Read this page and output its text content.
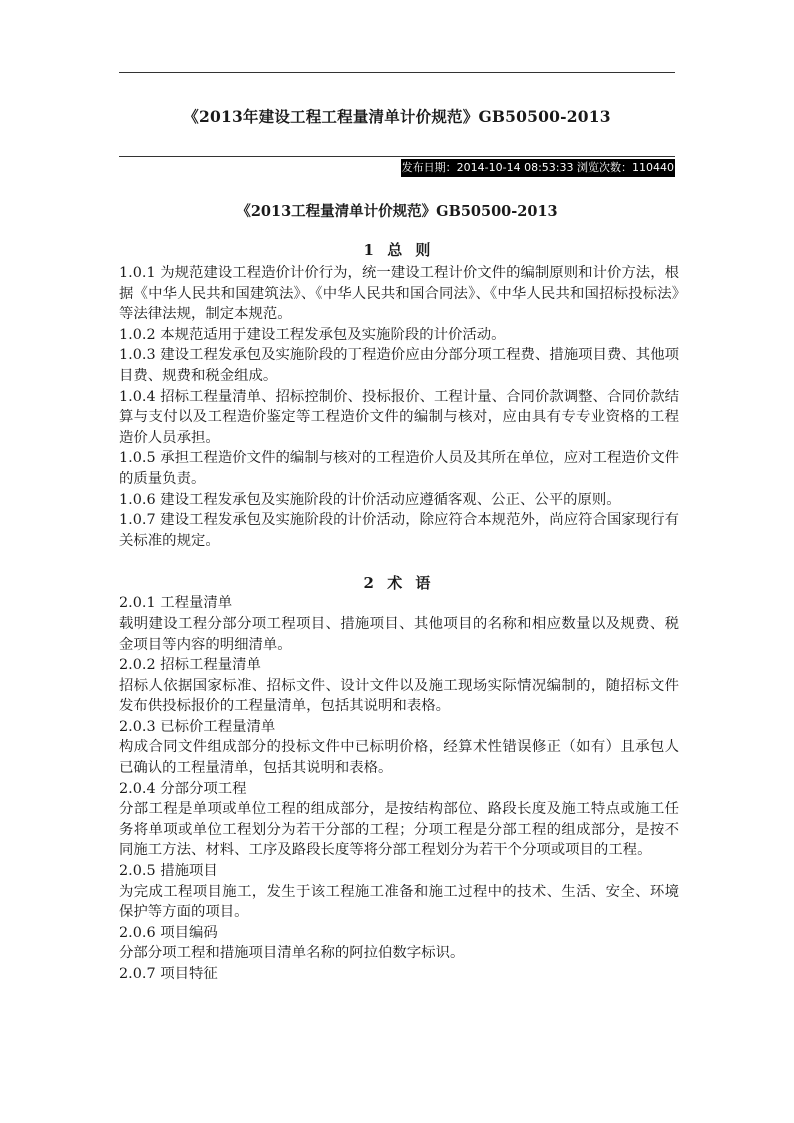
《2013年建设工程工程量清单计价规范》GB50500-2013
发布日期：2014-10-14 08:53:33 浏览次数：110440
《2013工程量清单计价规范》GB50500-2013
1 总 则

1.0.1 为规范建设工程造价计价行为，统一建设工程计价文件的编制原则和计价方法，根据《中华人民共和国建筑法》、《中华人民共和国合同法》、《中华人民共和国招标投标法》等法律法规，制定本规范。

1.0.2 本规范适用于建设工程发承包及实施阶段的计价活动。

1.0.3 建设工程发承包及实施阶段的丁程造价应由分部分项工程费、措施项目费、其他项目费、规费和税金组成。

1.0.4 招标工程量清单、招标控制价、投标报价、工程计量、合同价款调整、合同价款结算与支付以及工程造价鉴定等工程造价文件的编制与核对，应由具有专专业资格的工程造价人员承担。

1.0.5 承担工程造价文件的编制与核对的工程造价人员及其所在单位，应对工程造价文件的质量负责。

1.0.6 建设工程发承包及实施阶段的计价活动应遵循客观、公正、公平的原则。

1.0.7 建设工程发承包及实施阶段的计价活动，除应符合本规范外，尚应符合国家现行有关标准的规定。

2 术 语

2.0.1 工程量清单

载明建设工程分部分项工程项目、措施项目、其他项目的名称和相应数量以及规费、税金项目等内容的明细清单。

2.0.2 招标工程量清单

招标人依据国家标准、招标文件、设计文件以及施工现场实际情况编制的，随招标文件发布供投标报价的工程量清单，包括其说明和表格。

2.0.3 已标价工程量清单

构成合同文件组成部分的投标文件中已标明价格，经算术性错误修正（如有）且承包人已确认的工程量清单，包括其说明和表格。

2.0.4 分部分项工程

分部工程是单项或单位工程的组成部分，是按结构部位、路段长度及施工特点或施工任务将单项或单位工程划分为若干分部的工程；分项工程是分部工程的组成部分，是按不同施工方法、材料、工序及路段长度等将分部工程划分为若干个分项或项目的工程。

2.0.5 措施项目

为完成工程项目施工，发生于该工程施工准备和施工过程中的技术、生活、安全、环境保护等方面的项目。

2.0.6 项目编码

分部分项工程和措施项目清单名称的阿拉伯数字标识。

2.0.7 项目特征
